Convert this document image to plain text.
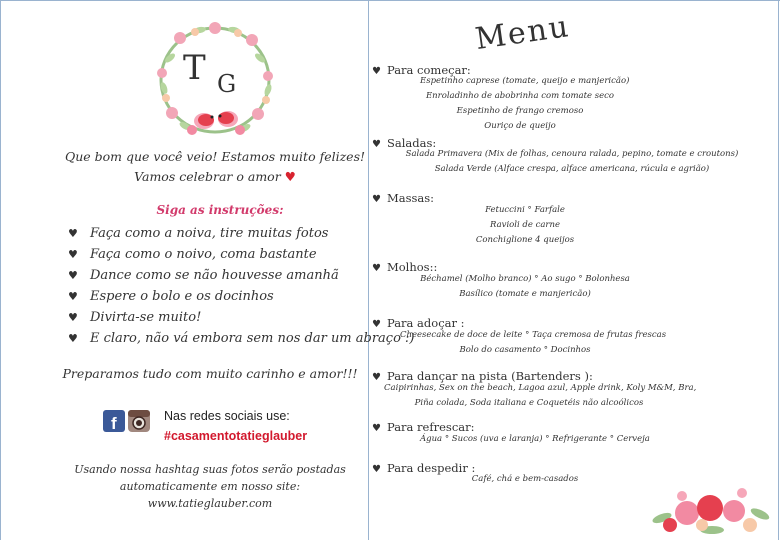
T G
Que bom que você veio! Estamos muito felizes!
Vamos celebrar o amor ♥
Siga as instruções:
♥ Faça como a noiva, tire muitas fotos
♥ Faça como o noivo, coma bastante
♥ Dance como se não houvesse amanhã
♥ Espere o bolo e os docinhos
♥ Divirta-se muito!
♥ E claro, não vá embora sem nos dar um abraço :)
Preparamos tudo com muito carinho e amor!!!
f	Nas redes sociais use:
#casamentotatieglauber
Usando nossa hashtag suas fotos serão postadas
automaticamente em nosso site:
www.tatieglauber.com
Menu
♥ Para começar:
Espetinho caprese (tomate, queijo e manjericão)
Enroladinho de abobrinha com tomate seco
Espetinho de frango cremoso
Ouriço de queijo
♥ Saladas:
Salada Primavera (Mix de folhas, cenoura ralada, pepino, tomate e croutons)
Salada Verde (Alface crespa, alface americana, rúcula e agrião)
♥ Massas:
Fetuccini ° Farfale
Ravioli de carne
Conchiglione 4 queijos
♥ Molhos::
Béchamel (Molho branco) ° Ao sugo ° Bolonhesa
Basílico (tomate e manjericão)
♥ Para adoçar :
Cheesecake de doce de leite ° Taça cremosa de frutas frescas
Bolo do casamento ° Docinhos
♥ Para dançar na pista (Bartenders ):
Caipirinhas, Sex on the beach, Lagoa azul, Apple drink, Koly M&M, Bra,
Piña colada, Soda italiana e Coquetéis não alcoólicos
♥ Para refrescar:
Água ° Sucos (uva e laranja) ° Refrigerante ° Cerveja
♥ Para despedir :
Café, chá e bem-casados
